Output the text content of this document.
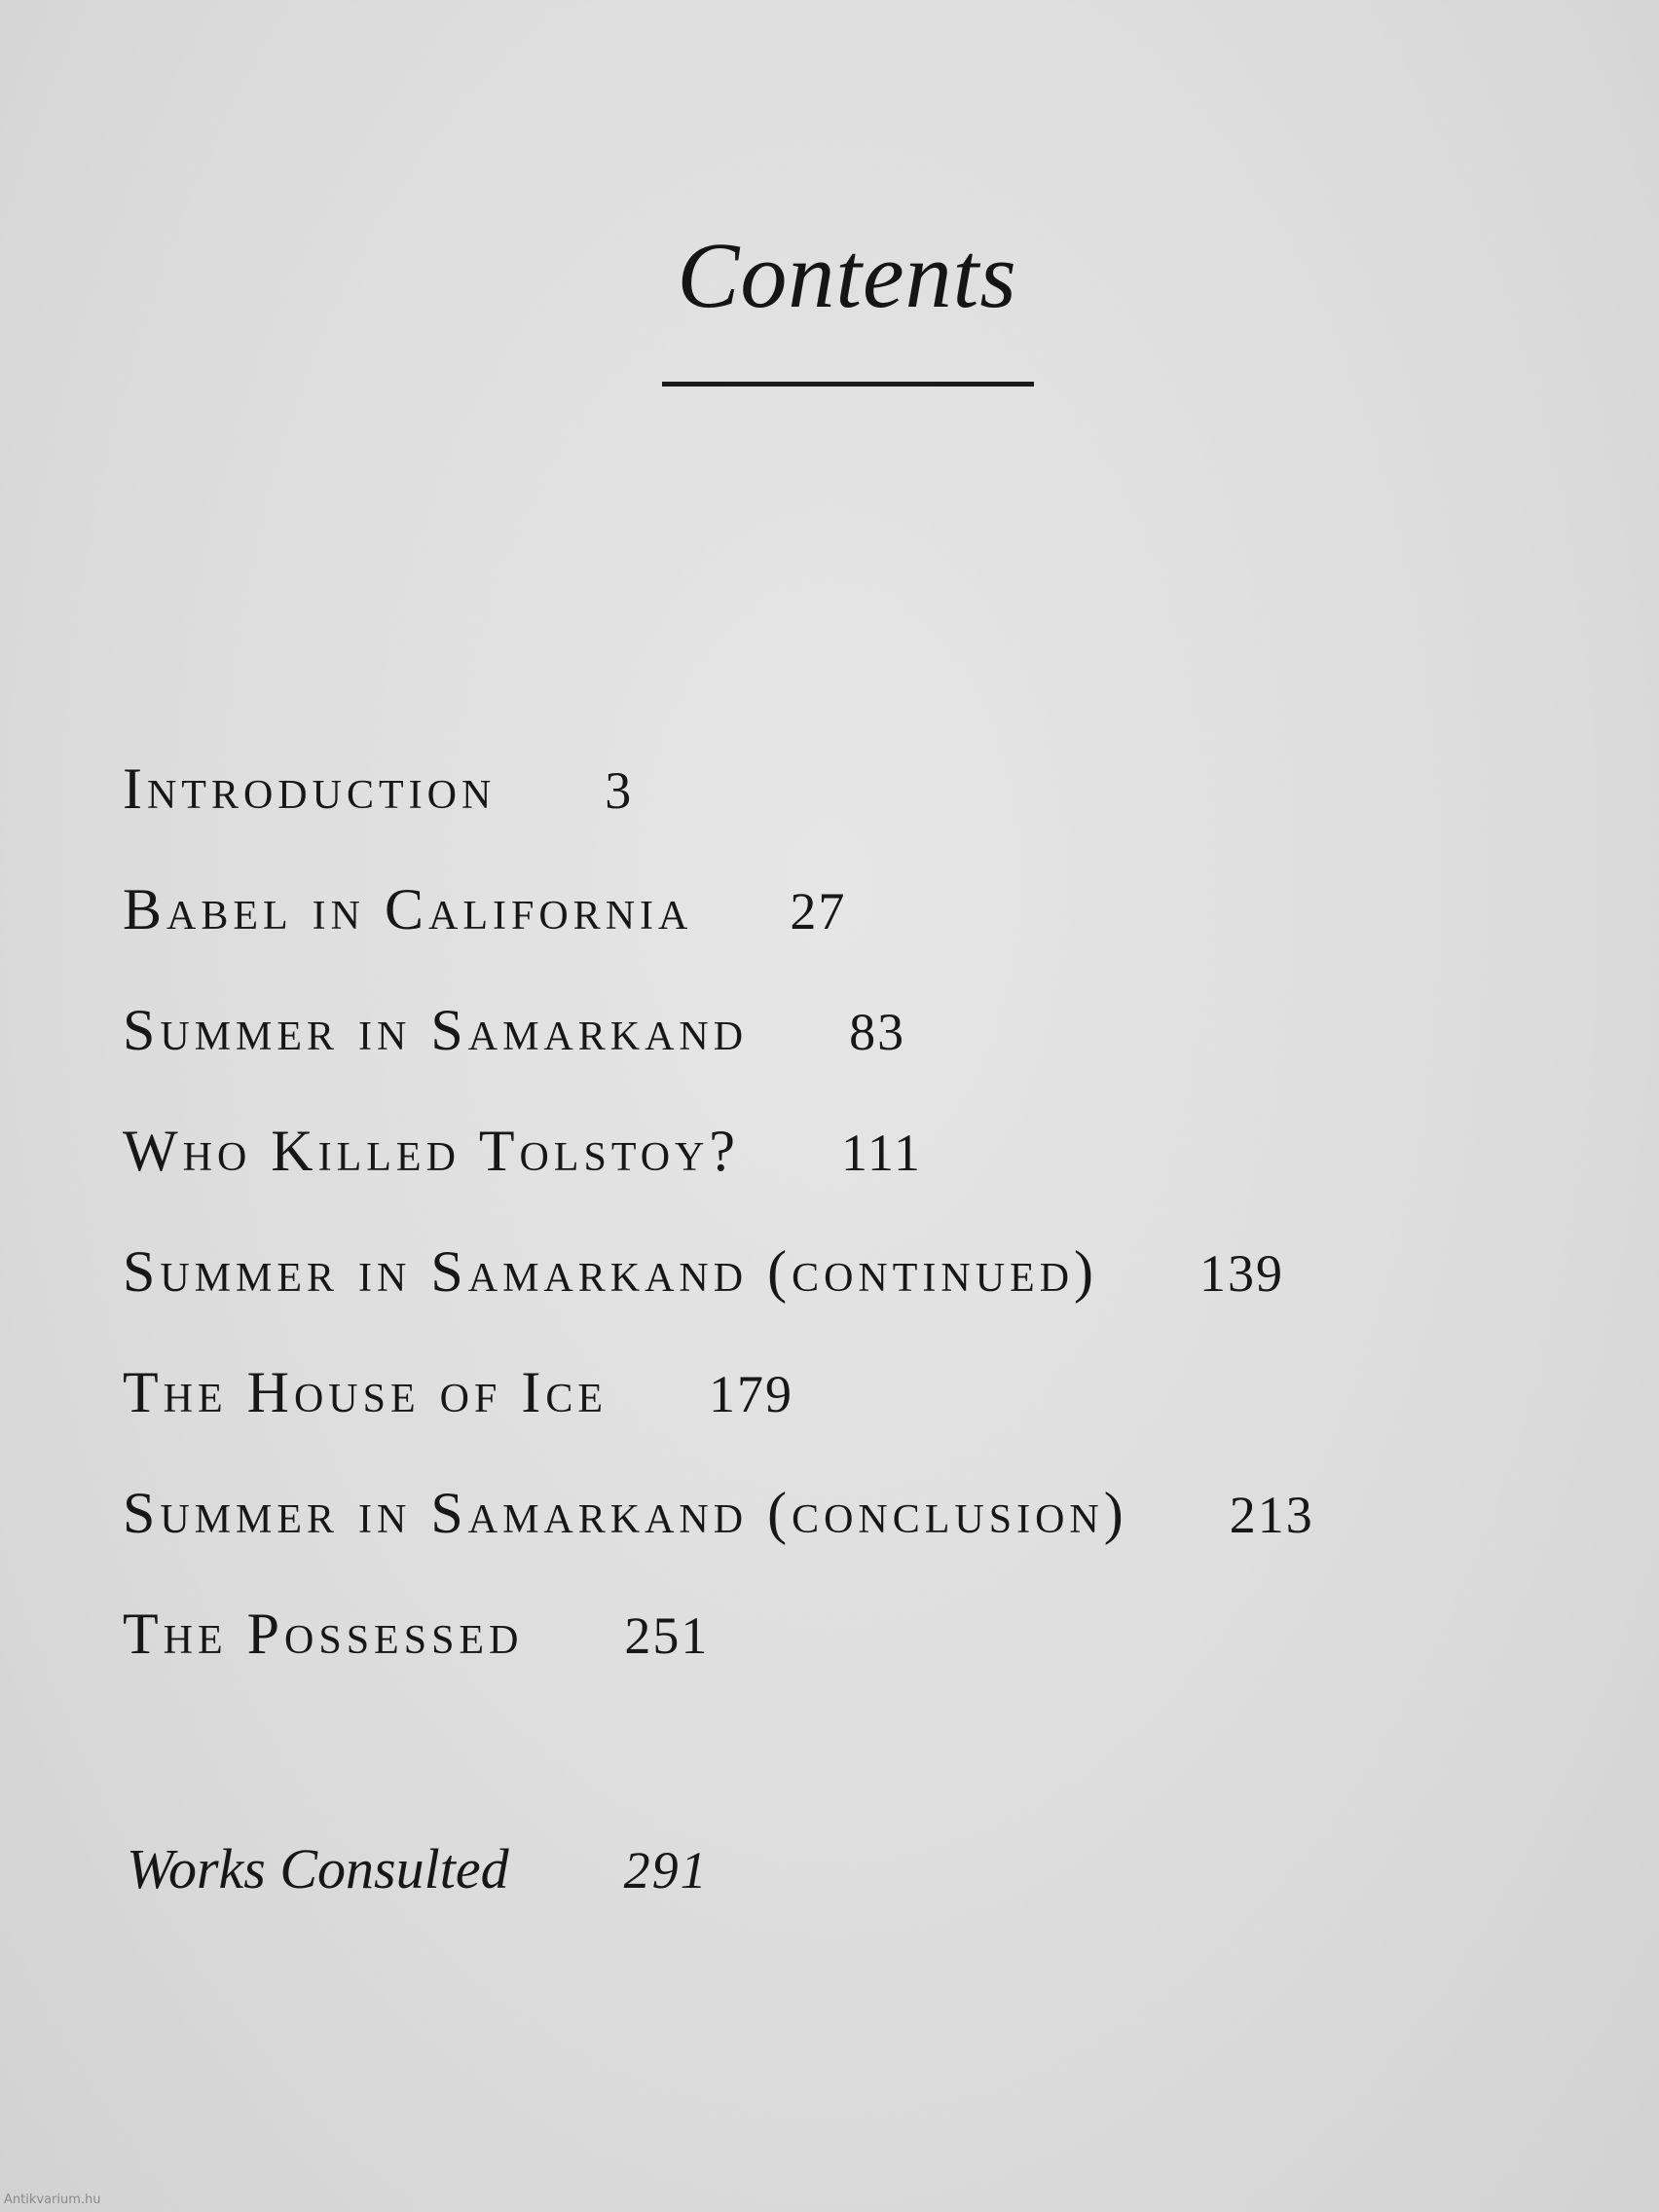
Contents
Introduction 3
Babel in California 27
Summer in Samarkand 83
Who Killed Tolstoy? 111
Summer in Samarkand (continued) 139
The House of Ice 179
Summer in Samarkand (conclusion) 213
The Possessed 251
Works Consulted 291
Antikvarium.hu
